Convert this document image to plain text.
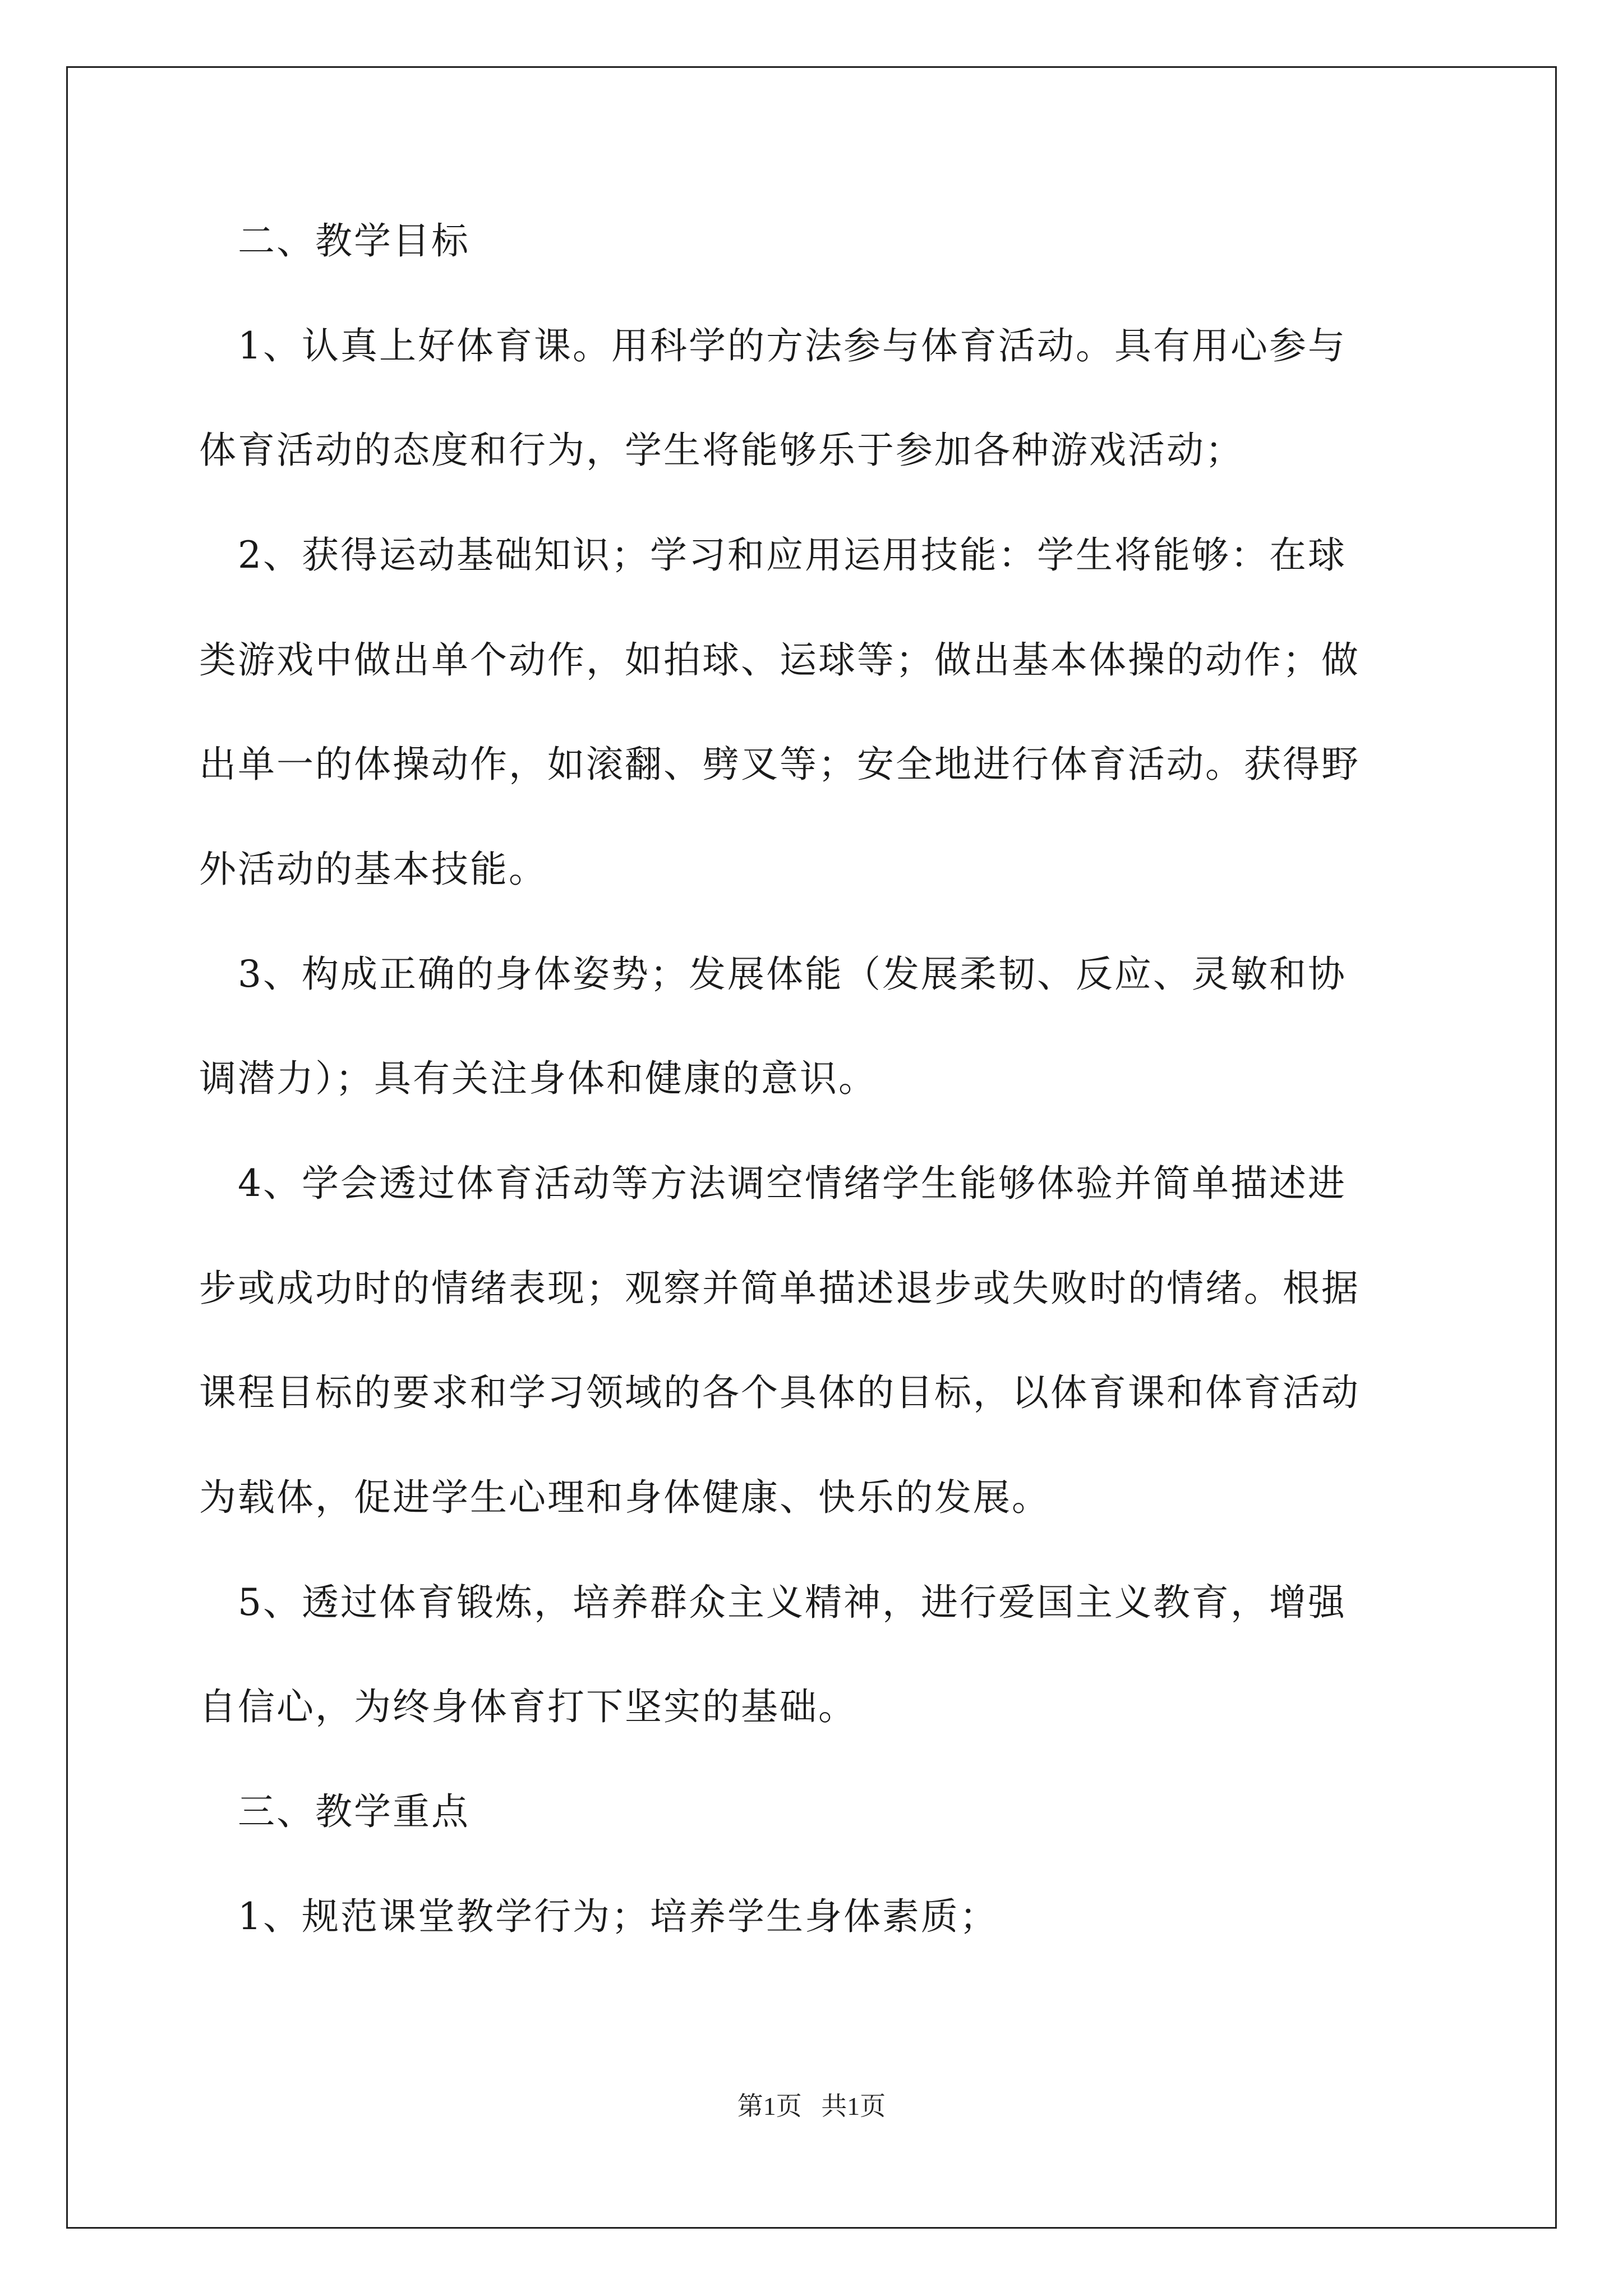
　二、教学目标

　1、认真上好体育课。用科学的方法参与体育活动。具有用心参与

体育活动的态度和行为，学生将能够乐于参加各种游戏活动；

　2、获得运动基础知识；学习和应用运用技能：学生将能够：在球

类游戏中做出单个动作，如拍球、运球等；做出基本体操的动作；做

出单一的体操动作，如滚翻、劈叉等；安全地进行体育活动。获得野

外活动的基本技能。

　3、构成正确的身体姿势；发展体能（发展柔韧、反应、灵敏和协

调潜力）；具有关注身体和健康的意识。

　4、学会透过体育活动等方法调空情绪学生能够体验并简单描述进

步或成功时的情绪表现；观察并简单描述退步或失败时的情绪。根据

课程目标的要求和学习领域的各个具体的目标，以体育课和体育活动

为载体，促进学生心理和身体健康、快乐的发展。

　5、透过体育锻炼，培养群众主义精神，进行爱国主义教育，增强

自信心，为终身体育打下坚实的基础。

　三、教学重点

　1、规范课堂教学行为；培养学生身体素质；

第1页   共1页
